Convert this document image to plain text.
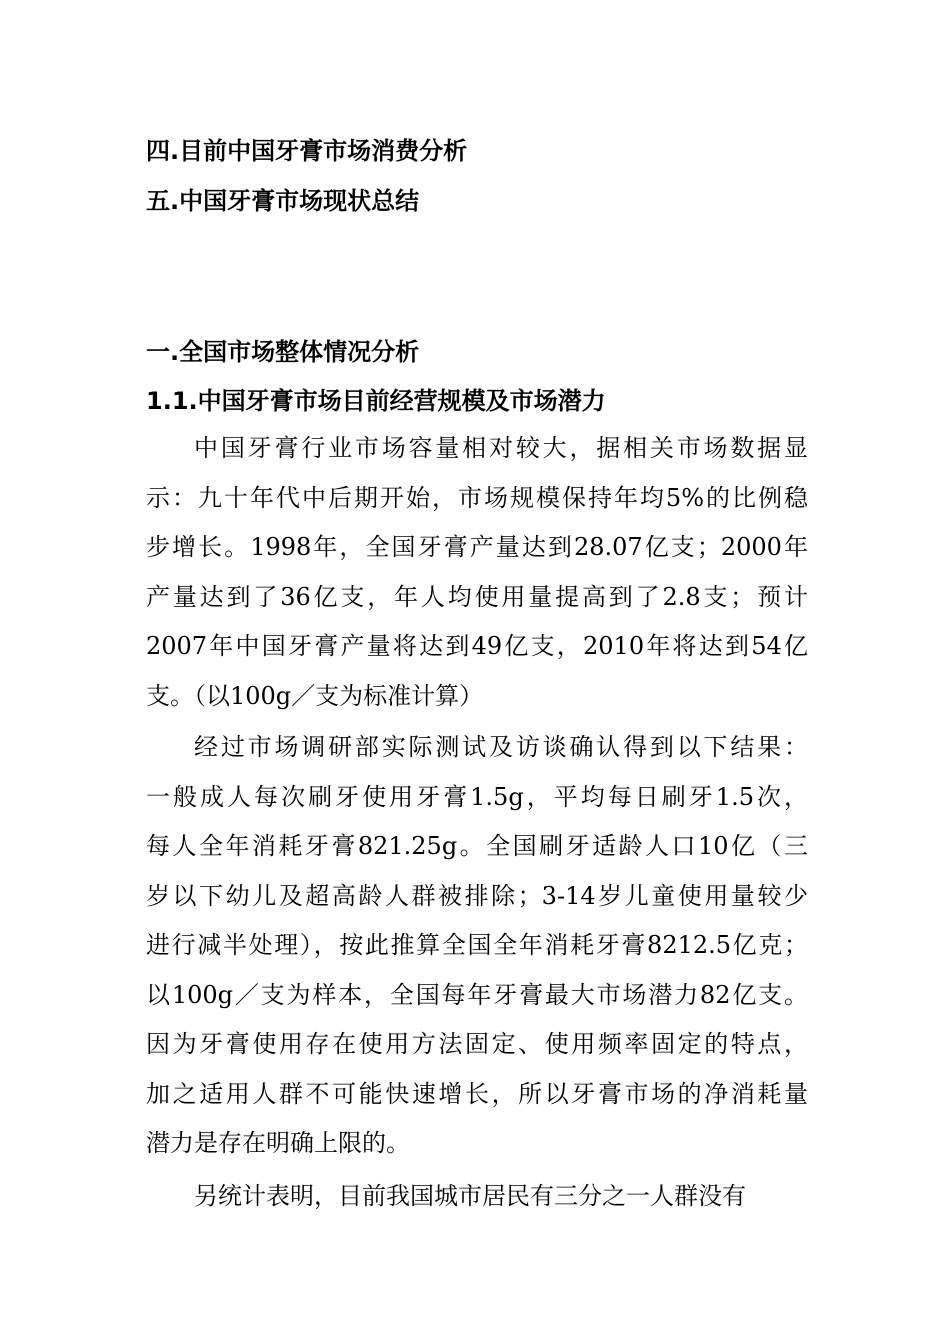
四.目前中国牙膏市场消费分析
五.中国牙膏市场现状总结
一.全国市场整体情况分析
1.1.中国牙膏市场目前经营规模及市场潜力

中国牙膏行业市场容量相对较大，据相关市场数据显
示：九十年代中后期开始，市场规模保持年均5%的比例稳
步增长。1998年，全国牙膏产量达到28.07亿支；2000年
产量达到了36亿支，年人均使用量提高到了2.8支；预计
2007年中国牙膏产量将达到49亿支，2010年将达到54亿
支。（以100g／支为标准计算）

经过市场调研部实际测试及访谈确认得到以下结果：
一般成人每次刷牙使用牙膏1.5g，平均每日刷牙1.5次，
每人全年消耗牙膏821.25g。全国刷牙适龄人口10亿（三
岁以下幼儿及超高龄人群被排除；3-14岁儿童使用量较少
进行减半处理），按此推算全国全年消耗牙膏8212.5亿克；
以100g／支为样本，全国每年牙膏最大市场潜力82亿支。
因为牙膏使用存在使用方法固定、使用频率固定的特点，
加之适用人群不可能快速增长，所以牙膏市场的净消耗量
潜力是存在明确上限的。

另统计表明，目前我国城市居民有三分之一人群没有
